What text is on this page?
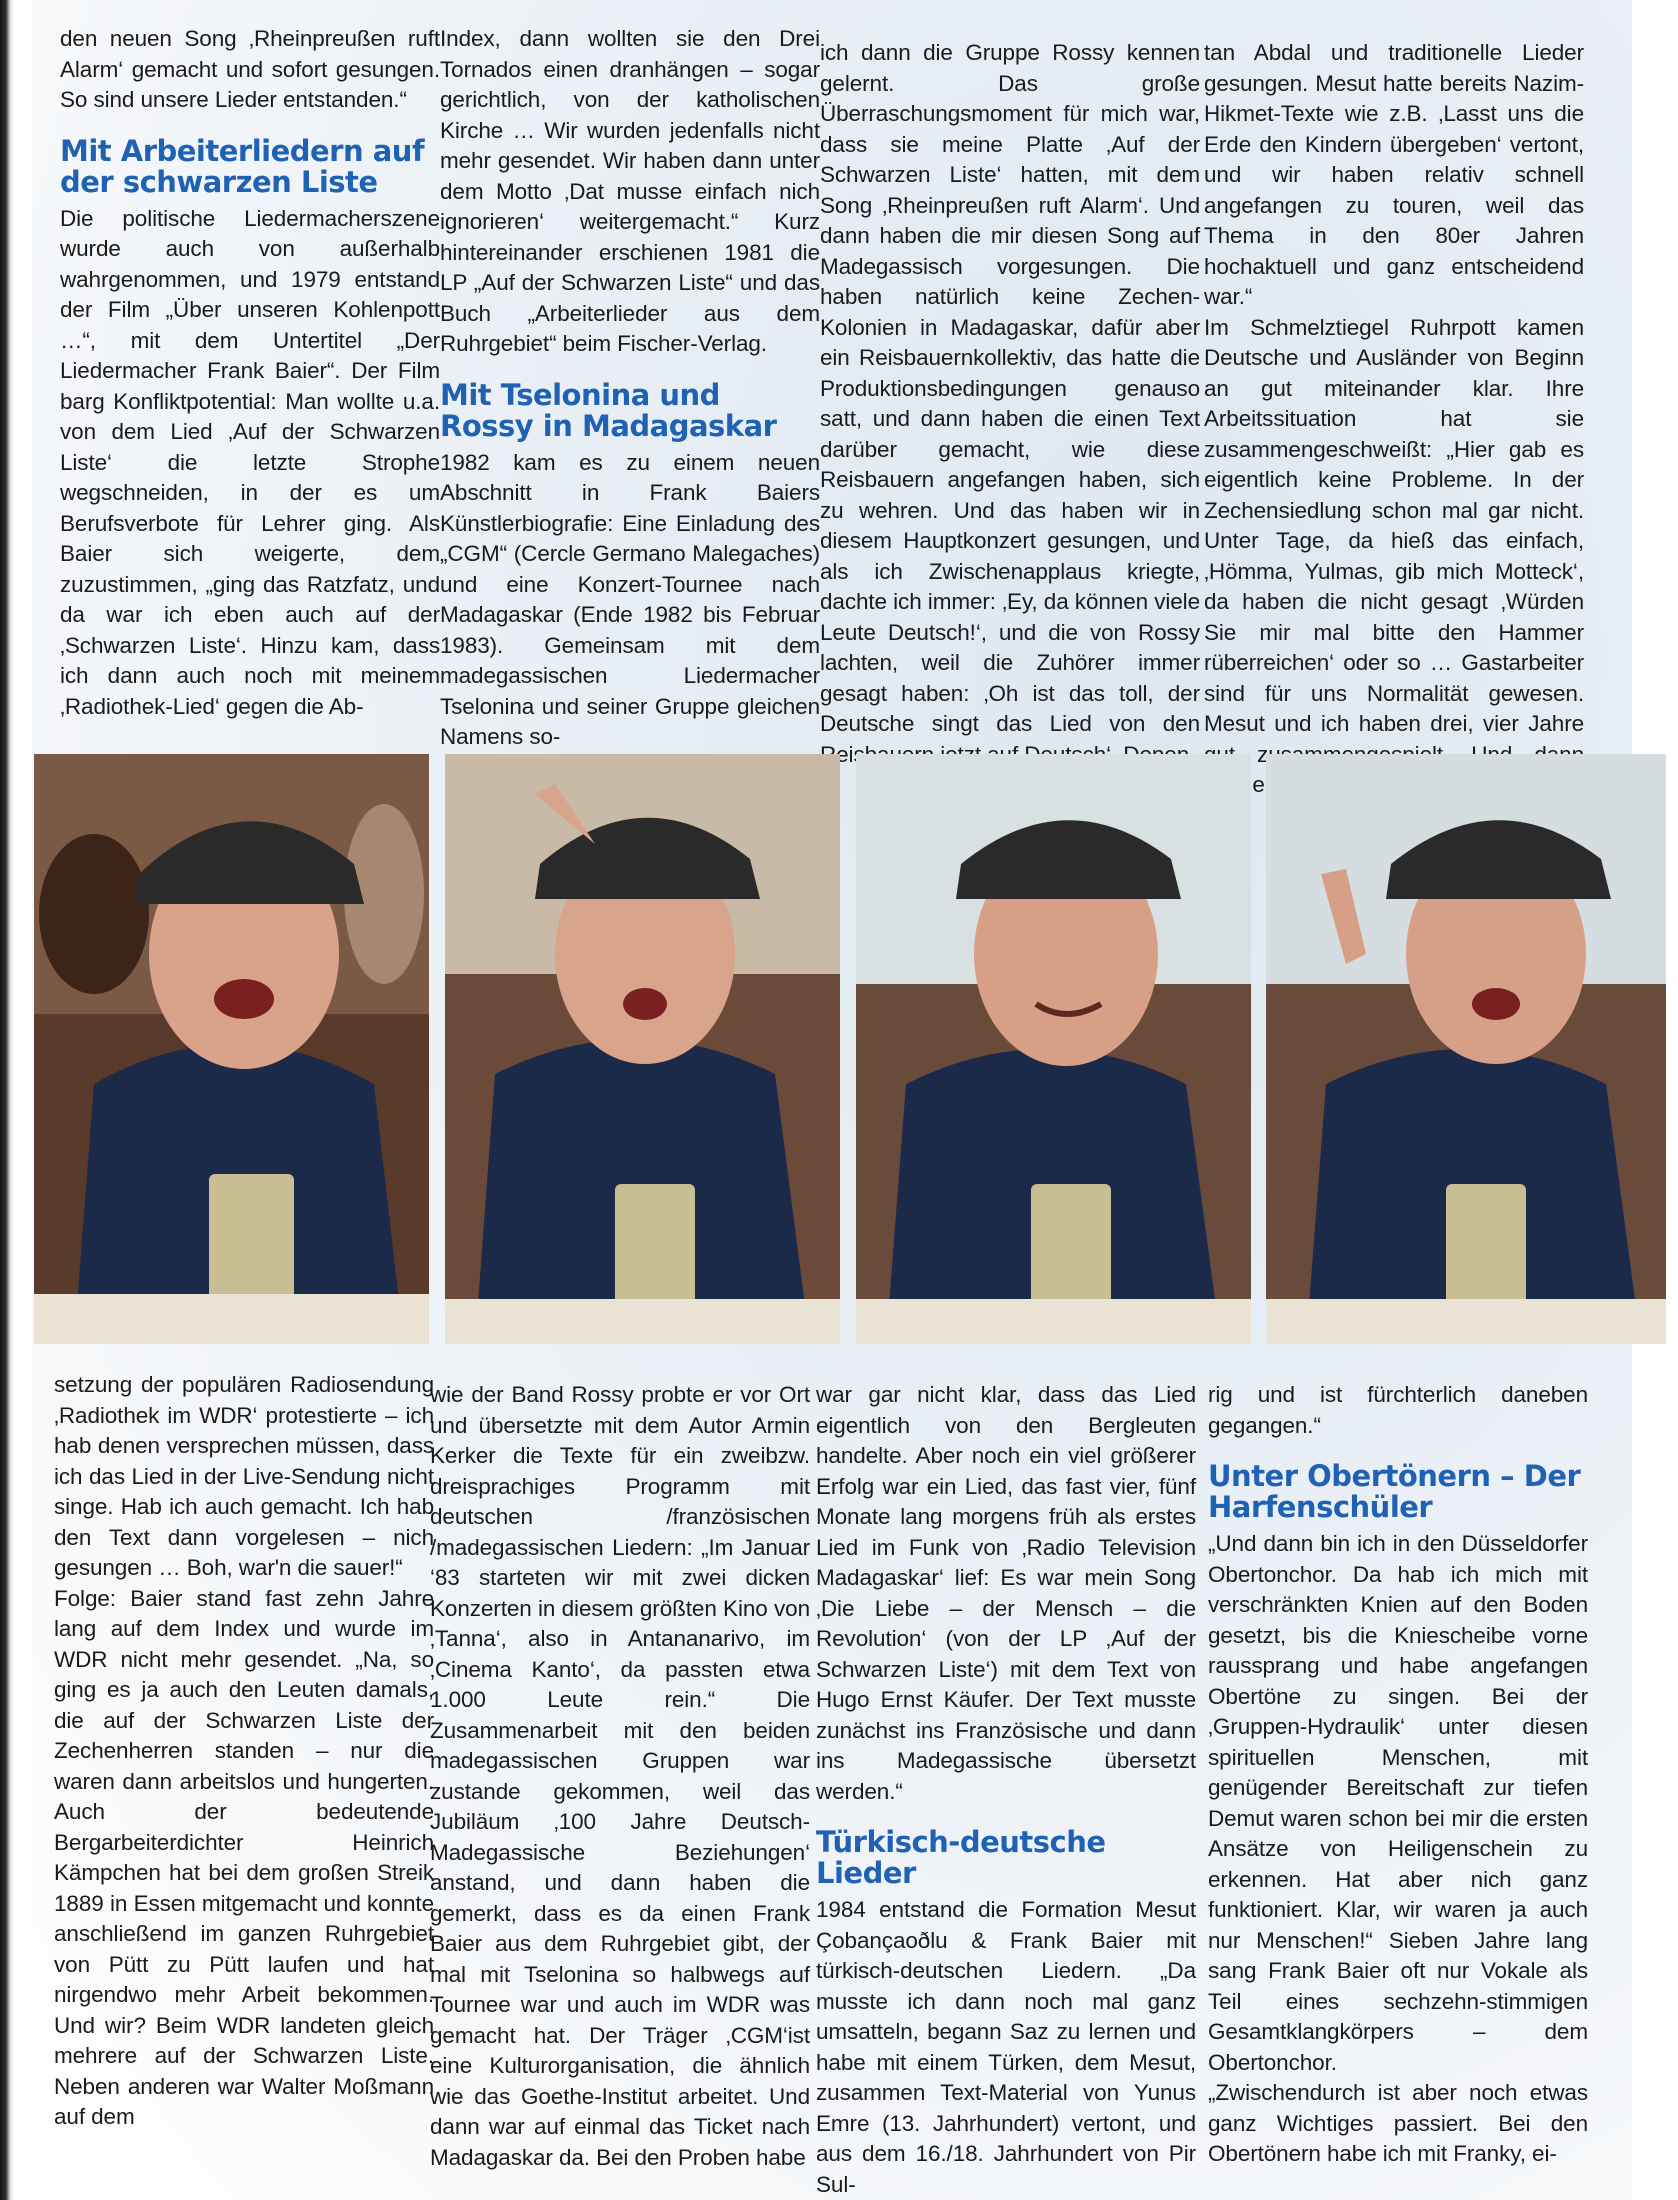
den neuen Song ‚Rheinpreußen ruft Alarm‘ gemacht und sofort gesungen. So sind unsere Lieder entstanden.“

Mit Arbeiterliedern auf der schwarzen Liste

Die politische Liedermacherszene wurde auch von außerhalb wahrgenommen, und 1979 entstand der Film „Über unseren Kohlenpott …“, mit dem Untertitel „Der Liedermacher Frank Baier“. Der Film barg Konfliktpotential: Man wollte u.a. von dem Lied ‚Auf der Schwarzen Liste‘ die letzte Strophe wegschneiden, in der es um Berufsverbote für Lehrer ging. Als Baier sich weigerte, dem zuzustimmen, „ging das Ratzfatz, und da war ich eben auch auf der ‚Schwarzen Liste‘. Hinzu kam, dass ich dann auch noch mit meinem ‚Radiothek-Lied‘ gegen die Ab-

Index, dann wollten sie den Drei Tornados einen dranhängen – sogar gerichtlich, von der katholischen Kirche … Wir wurden jedenfalls nicht mehr gesendet. Wir haben dann unter dem Motto ‚Dat musse einfach nich ignorieren‘ weitergemacht.“ Kurz hintereinander erschienen 1981 die LP „Auf der Schwarzen Liste“ und das Buch „Arbeiterlieder aus dem Ruhrgebiet“ beim Fischer-Verlag.

Mit Tselonina und Rossy in Madagaskar

1982 kam es zu einem neuen Abschnitt in Frank Baiers Künstlerbiografie: Eine Einladung des „CGM“ (Cercle Germano Malegaches) und eine Konzert-Tournee nach Madagaskar (Ende 1982 bis Februar 1983). Gemeinsam mit dem madegassischen Liedermacher Tselonina und seiner Gruppe gleichen Namens so-

ich dann die Gruppe Rossy kennen gelernt. Das große Überraschungsmoment für mich war, dass sie meine Platte ‚Auf der Schwarzen Liste‘ hatten, mit dem Song ‚Rheinpreußen ruft Alarm‘. Und dann haben die mir diesen Song auf Madegassisch vorgesungen. Die haben natürlich keine Zechen-Kolonien in Madagaskar, dafür aber ein Reisbauernkollektiv, das hatte die Produktionsbedingungen genauso satt, und dann haben die einen Text darüber gemacht, wie diese Reisbauern angefangen haben, sich zu wehren. Und das haben wir in diesem Hauptkonzert gesungen, und als ich Zwischenapplaus kriegte, dachte ich immer: ‚Ey, da können viele Leute Deutsch!‘, und die von Rossy lachten, weil die Zuhörer immer gesagt haben: ‚Oh ist das toll, der Deutsche singt das Lied von den

tan Abdal und traditionelle Lieder gesungen. Mesut hatte bereits Nazim-Hikmet-Texte wie z.B. ‚Lasst uns die Erde den Kindern übergeben‘ vertont, und wir haben relativ schnell angefangen zu touren, weil das Thema in den 80er Jahren hochaktuell und ganz entscheidend war.“

Im Schmelztiegel Ruhrpott kamen Deutsche und Ausländer von Beginn an gut miteinander klar. Ihre Arbeitssituation hat sie zusammengeschweißt: „Hier gab es eigentlich keine Probleme. In der Zechensiedlung schon mal gar nicht. Unter Tage, da hieß das einfach, ‚Hömma, Yulmas, gib mich Motteck‘, da haben die nicht gesagt ‚Würden Sie mir mal bitte den Hammer rüberreichen‘ oder so … Gastarbeiter sind für uns Normalität gewesen. Mesut und ich haben drei, vier Jahre

setzung der populären Radiosendung ‚Radiothek im WDR‘ protestierte – ich hab denen versprechen müssen, dass ich das Lied in der Live-Sendung nicht singe. Hab ich auch gemacht. Ich hab den Text dann vorgelesen – nich gesungen … Boh, war'n die sauer!“

Folge: Baier stand fast zehn Jahre lang auf dem Index und wurde im WDR nicht mehr gesendet. „Na, so ging es ja auch den Leuten damals, die auf der Schwarzen Liste der Zechenherren standen – nur die waren dann arbeitslos und hungerten. Auch der bedeutende Bergarbeiterdichter Heinrich Kämpchen hat bei dem großen Streik 1889 in Essen mitgemacht und konnte anschließend im ganzen Ruhrgebiet von Pütt zu Pütt laufen und hat nirgendwo mehr Arbeit bekommen. Und wir? Beim WDR landeten gleich mehrere auf der Schwarzen Liste. Neben anderen war Walter Moßmann auf dem

wie der Band Rossy probte er vor Ort und übersetzte mit dem Autor Armin Kerker die Texte für ein zweibzw. dreisprachiges Programm mit deutschen /französischen /madegassischen Liedern: „Im Januar ‘83 starteten wir mit zwei dicken Konzerten in diesem größten Kino von ‚Tanna‘, also in Antananarivo, im ‚Cinema Kanto‘, da passten etwa 1.000 Leute rein.“ Die Zusammenarbeit mit den beiden madegassischen Gruppen war zustande gekommen, weil das Jubiläum ‚100 Jahre Deutsch-Madegassische Beziehungen‘ anstand, und dann haben die gemerkt, dass es da einen Frank Baier aus dem Ruhrgebiet gibt, der mal mit Tselonina so halbwegs auf Tournee war und auch im WDR was gemacht hat. Der Träger ‚CGM‘ist eine Kulturorganisation, die ähnlich wie das Goethe-Institut arbeitet. Und dann war auf einmal das Ticket nach Madagaskar da. Bei den Proben habe

war gar nicht klar, dass das Lied eigentlich von den Bergleuten handelte. Aber noch ein viel größerer Erfolg war ein Lied, das fast vier, fünf Monate lang morgens früh als erstes Lied im Funk von ‚Radio Television Madagaskar‘ lief: Es war mein Song ‚Die Liebe – der Mensch – die Revolution‘ (von der LP ‚Auf der Schwarzen Liste‘) mit dem Text von Hugo Ernst Käufer. Der Text musste zunächst ins Französische und dann ins Madegassische übersetzt werden.“

Türkisch-deutsche Lieder

1984 entstand die Formation Mesut Çobançaoðlu & Frank Baier mit türkisch-deutschen Liedern. „Da musste ich dann noch mal ganz umsatteln, begann Saz zu lernen und habe mit einem Türken, dem Mesut, zusammen Text-Material von Yunus Emre (13. Jahrhundert) vertont, und aus dem 16./18. Jahrhundert von Pir Sul-

rig und ist fürchterlich daneben gegangen.“

Unter Obertönern – Der Harfenschüler

„Und dann bin ich in den Düsseldorfer Obertonchor. Da hab ich mich mit verschränkten Knien auf den Boden gesetzt, bis die Kniescheibe vorne raussprang und habe angefangen Obertöne zu singen. Bei der ‚Gruppen-Hydraulik‘ unter diesen spirituellen Menschen, mit genügender Bereitschaft zur tiefen Demut waren schon bei mir die ersten Ansätze von Heiligenschein zu erkennen. Hat aber nich ganz funktioniert. Klar, wir waren ja auch nur Menschen!“ Sieben Jahre lang sang Frank Baier oft nur Vokale als Teil eines sechzehn-stimmigen Gesamtklangkörpers – dem Obertonchor.

„Zwischendurch ist aber noch etwas ganz Wichtiges passiert. Bei den Obertönern habe ich mit Franky, ei-
